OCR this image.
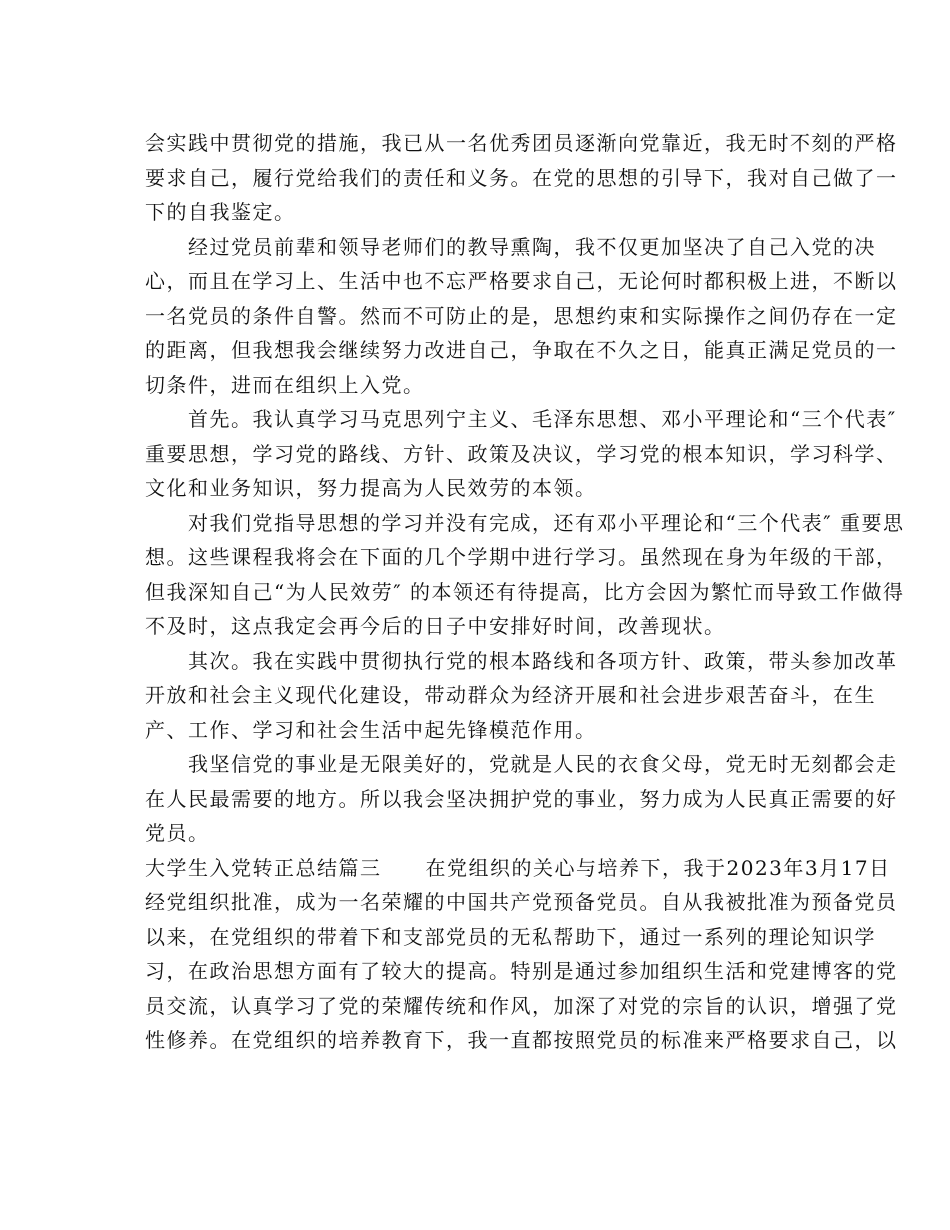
会实践中贯彻党的措施，我已从一名优秀团员逐渐向党靠近，我无时不刻的严格
要求自己，履行党给我们的责任和义务。在党的思想的引导下，我对自己做了一
下的自我鉴定。
经过党员前辈和领导老师们的教导熏陶，我不仅更加坚决了自己入党的决
心，而且在学习上、生活中也不忘严格要求自己，无论何时都积极上进，不断以
一名党员的条件自警。然而不可防止的是，思想约束和实际操作之间仍存在一定
的距离，但我想我会继续努力改进自己，争取在不久之日，能真正满足党员的一
切条件，进而在组织上入党。
首先。我认真学习马克思列宁主义、毛泽东思想、邓小平理论和“三个代表″
重要思想，学习党的路线、方针、政策及决议，学习党的根本知识，学习科学、
文化和业务知识，努力提高为人民效劳的本领。
对我们党指导思想的学习并没有完成，还有邓小平理论和“三个代表″ 重要思
想。这些课程我将会在下面的几个学期中进行学习。虽然现在身为年级的干部，
但我深知自己“为人民效劳″ 的本领还有待提高，比方会因为繁忙而导致工作做得
不及时，这点我定会再今后的日子中安排好时间，改善现状。
其次。我在实践中贯彻执行党的根本路线和各项方针、政策，带头参加改革
开放和社会主义现代化建设，带动群众为经济开展和社会进步艰苦奋斗，在生
产、工作、学习和社会生活中起先锋模范作用。
我坚信党的事业是无限美好的，党就是人民的衣食父母，党无时无刻都会走
在人民最需要的地方。所以我会坚决拥护党的事业，努力成为人民真正需要的好
党员。
大学生入党转正总结篇三 在党组织的关心与培养下，我于2023年3月17日
经党组织批准，成为一名荣耀的中国共产党预备党员。自从我被批准为预备党员
以来，在党组织的带着下和支部党员的无私帮助下，通过一系列的理论知识学
习，在政治思想方面有了较大的提高。特别是通过参加组织生活和党建博客的党
员交流，认真学习了党的荣耀传统和作风，加深了对党的宗旨的认识，增强了党
性修养。在党组织的培养教育下，我一直都按照党员的标准来严格要求自己，以
